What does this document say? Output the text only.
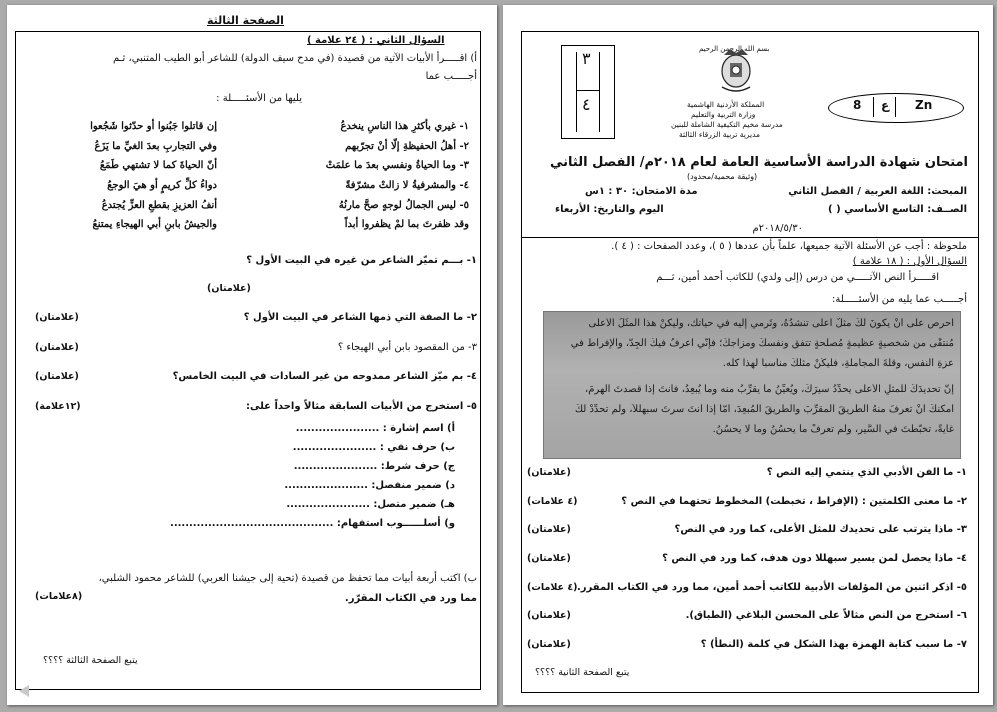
الصفحة الثالثة
السؤال الثاني : ( ٢٤ علامة )
أ) اقـــــرأ الأبيات الآتية من قصيدة (في مدح سيف الدولة) للشاعر أبو الطيب المتنبي، ثـم
أجـــــب عما
يليها من الأسئـــــلة :
١- غيري بأكثرِ هذا الناسِ ينخدعُ
إن قاتلوا جَبُنوا أو حدّثوا شَجُعوا
٢- أهلُ الحفيظةِ إلّا أنْ تجرّبهم
وفي التجاربِ بعدَ الغيِّ ما يَزَعُ
٣- وما الحياةُ ونفسي بعدَ ما علمَتْ
أنّ الحياةَ كما لا تشتهي طَمَعُ
٤- والمشرفيةُ لا زالتْ مشرّفةً
دواءُ كلِّ كريمٍ أو هيَ الوجعُ
٥- ليس الجمالُ لوجهٍ صحَّ مارنُهُ
أنفُ العزيزِ بقطعِ العزِّ يُجتدعُ
وقد ظفرتَ بما لمْ يظفروا أبداً
والجيشُ بابنِ أبي الهيجاءِ يمتنعُ
١- بـــم تميّز الشاعر من غيره في البيت الأول ؟
(علامتان)
٢- ما الصفة التي ذمها الشاعر في البيت الأول ؟
(علامتان)
٣- من المقصود بابن أبي الهيجاء ؟
(علامتان)
٤- بم ميّز الشاعر ممدوحه من غير السادات في البيت الخامس؟
(علامتان)
٥- استخرج من الأبيات السابقة مثالاً واحداً على:
(١٢علامة)
أ) اسم إشارة : ......................
ب) حرف نفي : ......................
ج) حرف شرط: ......................
د) ضمير منفصل: ......................
هـ) ضمير متصل: ......................
و) أسلــــــوب استفهام: ...........................................
ب) اكتب أربعة أبيات مما تحفظ من قصيدة (تحية إلى جيشنا العربي) للشاعر محمود الشلبي،
مما ورد في الكتاب المقرّر.
(٨علامات)
يتبع الصفحة الثالثة ؟؟؟؟
بسم الله الرحمن الرحيم
المملكة الأردنية الهاشمية
وزارة التربية والتعليم
مدرسة مخيم التكيفية الشاملة للبنين
مديرية تربية الزرقاء الثالثة
٣
٤	Zn
ع
8
امتحان شهادة الدراسة الأساسية العامة لعام ٢٠١٨م/ الفصل الثاني
(وثيقة محمية/محدود)
المبحث: اللغة العربية / الفصل الثاني
مدة الامتحان: ٣٠ : ١س
الصــف: التاسع الأساسي ( )
اليوم والتاريخ: الأربعاء
٢٠١٨/٥/٣٠م
ملحوظة : أجب عن الأسئلة الآتية جميعها، علماً بأن عددها ( ٥ )، وعدد الصفحات : ( ٤ ).
السؤال الأول : ( ١٨ علامة )
اقـــــرأ النص الآتـــــي من درس (إلى ولدي) للكاتب أحمد أمين، ثـــم
أجـــــب عما يليه من الأسئـــــلة:
احرص على أنْ يكونَ لكَ مثلٌ أعلى تنشدُهُ، وتَرمي إليه في حياتك، ولْيكنْ هذا المثَلُ الأعلى
مُنتقًى من شخصيةٍ عظيمةٍ مُصلحةٍ تتفق ونفسكَ ومزاجكَ؛ فإنّي أعرفُ فيكَ الجِدَّ، والإفراطَ في
عزةِ النفسِ، وقلةَ المجاملةِ، فلْيكُنْ مثلُكَ مناسباً لهذا كلِّه.
إنَّ تحديدَكَ للمثلِ الأعلى يحدِّدُ سيرَكَ، ويُعيِّنُ ما يقرِّبُ منه وما يُبعِدُ، فأنتَ إذا قصدتَ الهرمَ،
أمكنكَ أنْ تعرفَ منهُ الطريقَ المقرِّبَ والطريقَ المُبعِدَ، أمّا إذا أنتَ سرتَ سبهللاً، ولم تحدِّدْ لكَ
غايةً، تخبَّطتَ في السَّيرِ، ولم تعرفْ ما يحسُنُ وما لا يحسُنُ.
١- ما الفن الأدبي الذي ينتمي إليه النص ؟
(علامتان)
٢- ما معنى الكلمتين : (الإفراط ، تخبطت) المخطوط تحتهما في النص ؟
(٤ علامات)
٣- ماذا يترتب على تحديدك للمثل الأعلى، كما ورد في النص؟
(علامتان)
٤- ماذا يحصل لمن يسير سبهللا دون هدف، كما ورد في النص ؟
(علامتان)
٥- اذكر اثنين من المؤلفات الأدبية للكاتب أحمد أمين، مما ورد في الكتاب المقرر.
(٤ علامات)
٦- استخرج من النص مثالاً على المحسن البلاغي (الطباق).
(علامتان)
٧- ما سبب كتابة الهمزة بهذا الشكل في كلمة (النطأ) ؟
(علامتان)
يتبع الصفحة الثانية ؟؟؟؟
